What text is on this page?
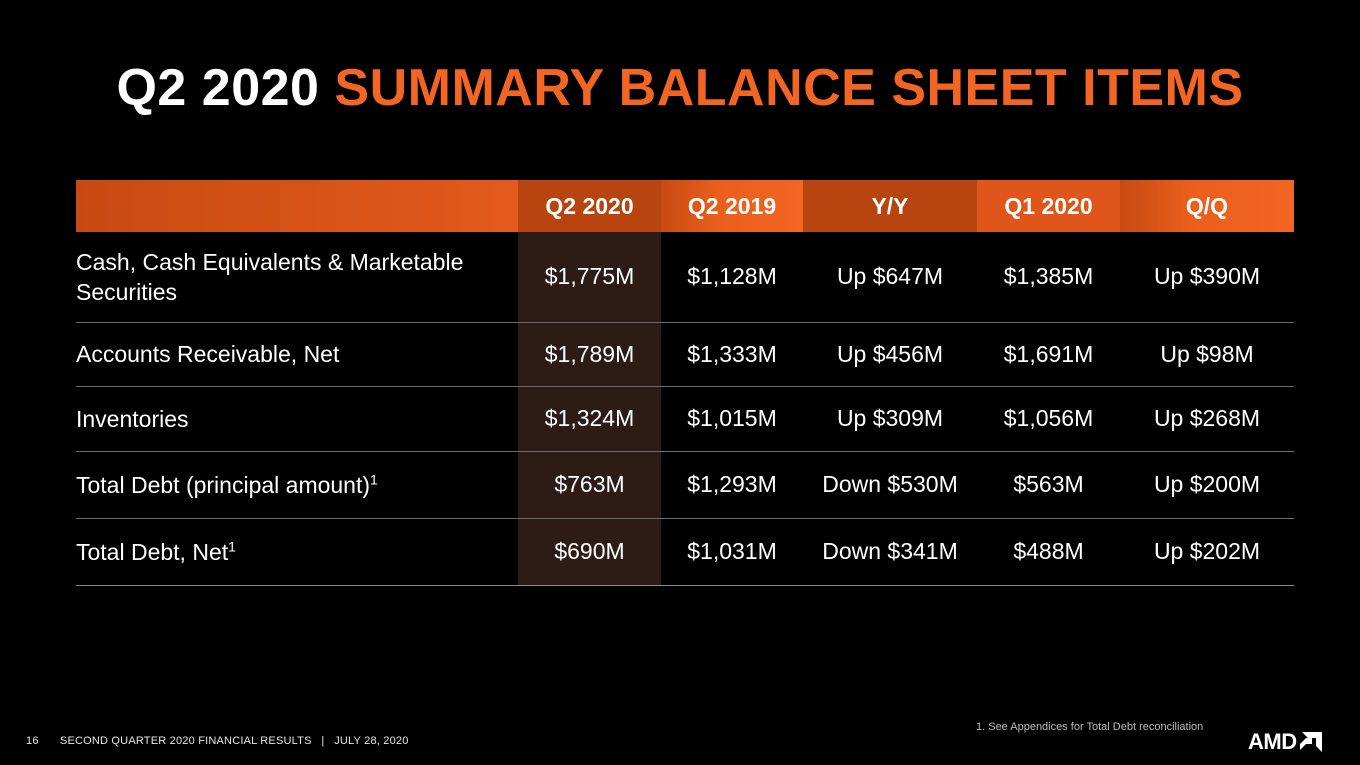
Q2 2020 SUMMARY BALANCE SHEET ITEMS
	Q2 2020	Q2 2019	Y/Y	Q1 2020	Q/Q
Cash, Cash Equivalents & Marketable Securities	$1,775M	$1,128M	Up $647M	$1,385M	Up $390M
Accounts Receivable, Net	$1,789M	$1,333M	Up $456M	$1,691M	Up $98M
Inventories	$1,324M	$1,015M	Up $309M	$1,056M	Up $268M
Total Debt (principal amount)$^1$	$763M	$1,293M	Down $530M	$563M	Up $200M
Total Debt, Net$^1$	$690M	$1,031M	Down $341M	$488M	Up $202M
1. See Appendices for Total Debt reconciliation
16 SECOND QUARTER 2020 FINANCIAL RESULTS   |   JULY 28, 2020	AMD
